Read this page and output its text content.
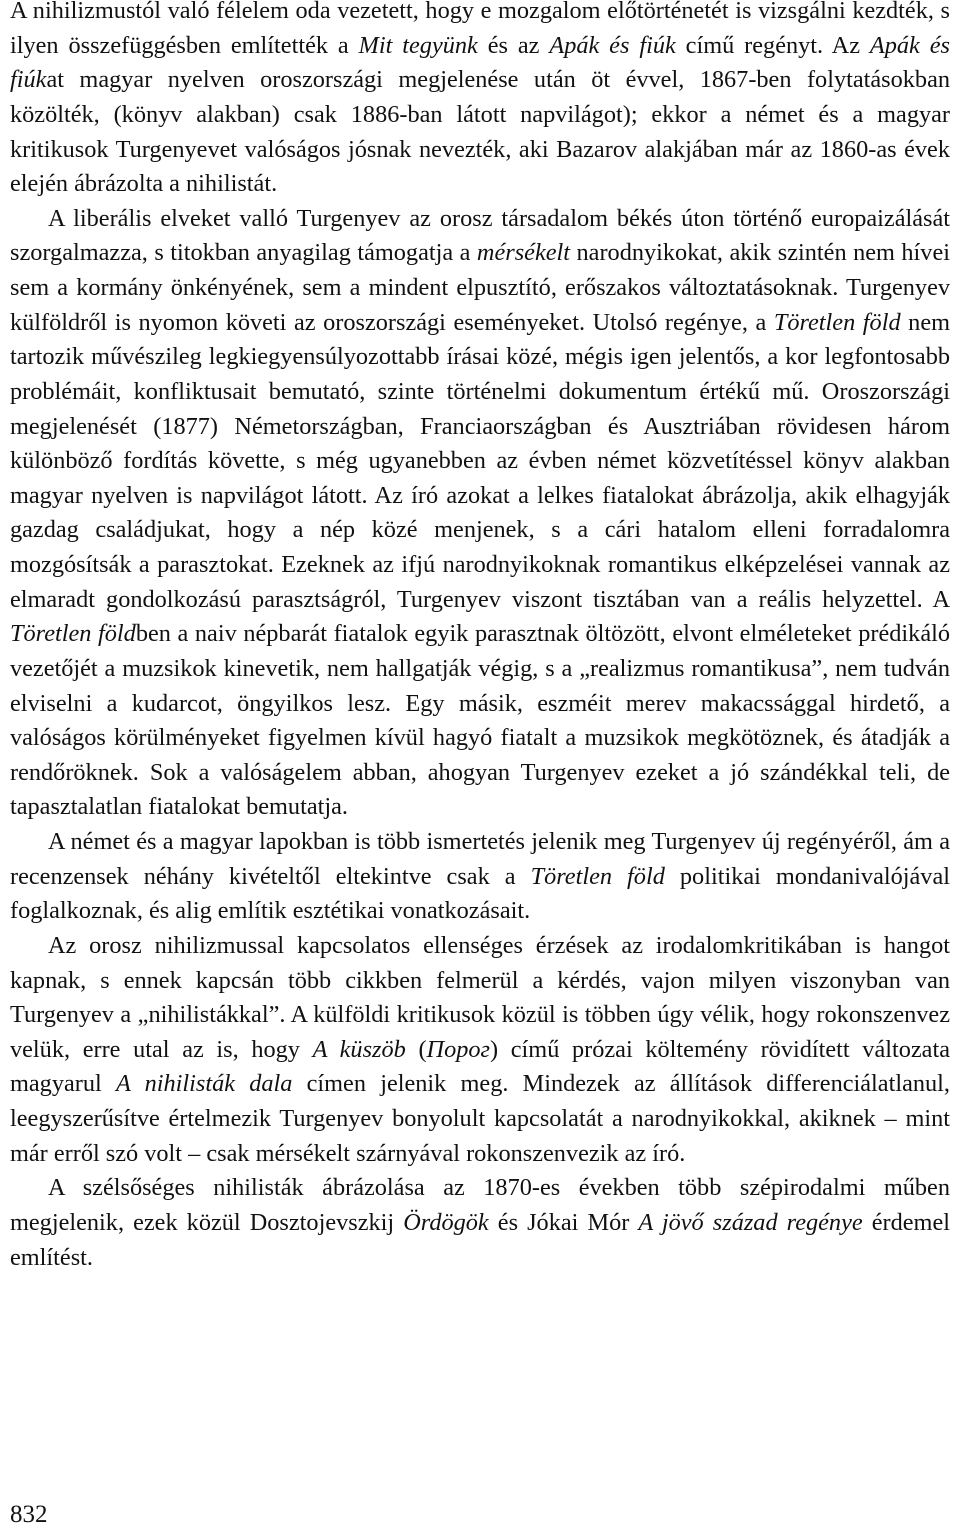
A nihilizmustól való félelem oda vezetett, hogy e mozgalom előtörténetét is vizsgálni kezdték, s ilyen összefüggésben említették a Mit tegyünk és az Apák és fiúk című regényt. Az Apák és fiúkat magyar nyelven oroszországi megjelenése után öt évvel, 1867-ben folytatásokban közölték, (könyv alakban) csak 1886-ban látott napvilágot); ekkor a német és a magyar kritikusok Turgenyevet valóságos jósnak nevezték, aki Bazarov alakjában már az 1860-as évek elején ábrázolta a nihilistát.

A liberális elveket valló Turgenyev az orosz társadalom békés úton történő europaizálását szorgalmazza, s titokban anyagilag támogatja a mérsékelt narodnyikokat, akik szintén nem hívei sem a kormány önkényének, sem a mindent elpusztító, erőszakos változtatásoknak. Turgenyev külföldről is nyomon követi az oroszországi eseményeket. Utolsó regénye, a Töretlen föld nem tartozik művészileg legkiegyensúlyozottabb írásai közé, mégis igen jelentős, a kor legfontosabb problémáit, konfliktusait bemutató, szinte történelmi dokumentum értékű mű. Oroszországi megjelenését (1877) Németországban, Franciaországban és Ausztriában rövidesen három különböző fordítás követte, s még ugyanebben az évben német közvetítéssel könyv alakban magyar nyelven is napvilágot látott. Az író azokat a lelkes fiatalokat ábrázolja, akik elhagyják gazdag családjukat, hogy a nép közé menjenek, s a cári hatalom elleni forradalomra mozgósítsák a parasztokat. Ezeknek az ifjú narodnyikoknak romantikus elképzelései vannak az elmaradt gondolkozású parasztságról, Turgenyev viszont tisztában van a reális helyzettel. A Töretlen földben a naiv népbarát fiatalok egyik parasztnak öltözött, elvont elméleteket prédikáló vezetőjét a muzsikok kinevetik, nem hallgatják végig, s a „realizmus romantikusa”, nem tudván elviselni a kudarcot, öngyilkos lesz. Egy másik, eszméit merev makacssággal hirdető, a valóságos körülményeket figyelmen kívül hagyó fiatalt a muzsikok megkötöznek, és átadják a rendőröknek. Sok a valóságelem abban, ahogyan Turgenyev ezeket a jó szándékkal teli, de tapasztalatlan fiatalokat bemutatja.

A német és a magyar lapokban is több ismertetés jelenik meg Turgenyev új regényéről, ám a recenzensek néhány kivételtől eltekintve csak a Töretlen föld politikai mondanivalójával foglalkoznak, és alig említik esztétikai vonatkozásait.

Az orosz nihilizmussal kapcsolatos ellenséges érzések az irodalomkritikában is hangot kapnak, s ennek kapcsán több cikkben felmerül a kérdés, vajon milyen viszonyban van Turgenyev a „nihilistákkal”. A külföldi kritikusok közül is többen úgy vélik, hogy rokonszenvez velük, erre utal az is, hogy A küszöb (Порог) című prózai költemény rövidített változata magyarul A nihilisták dala címen jelenik meg. Mindezek az állítások differenciálatlanul, leegyszerűsítve értelmezik Turgenyev bonyolult kapcsolatát a narodnyikokkal, akiknek – mint már erről szó volt – csak mérsékelt szárnyával rokonszenvezik az író.

A szélsőséges nihilisták ábrázolása az 1870-es években több szépirodalmi műben megjelenik, ezek közül Dosztojevszkij Ördögök és Jókai Mór A jövő század regénye érdemel említést.

832
